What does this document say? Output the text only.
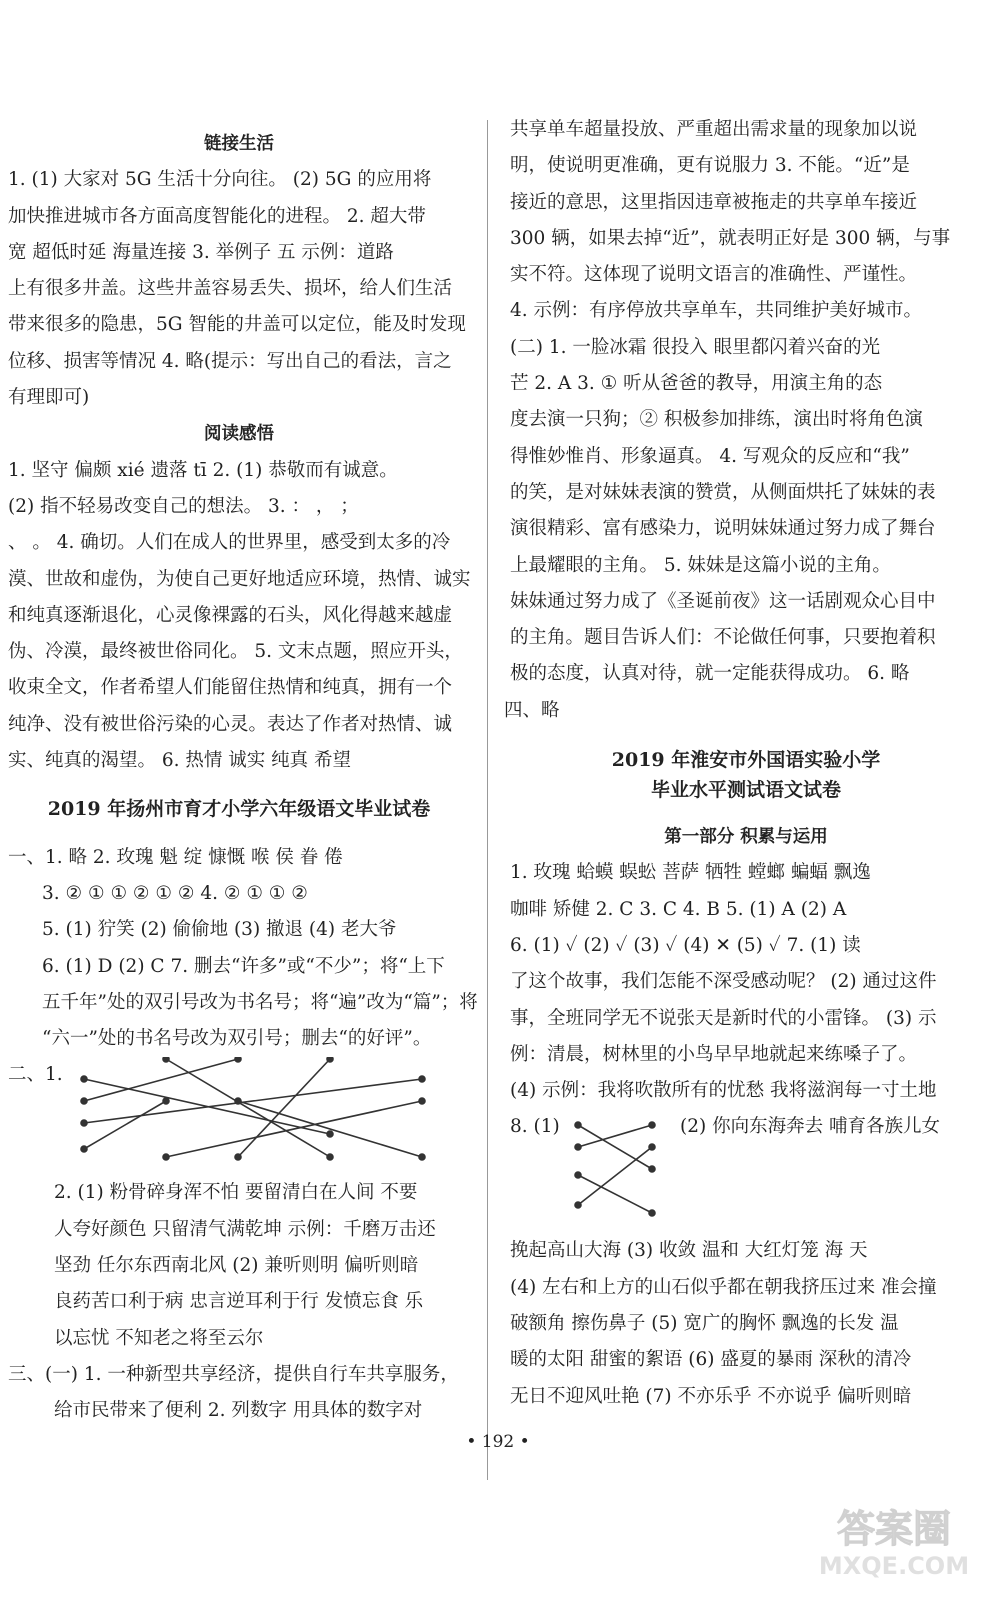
链接生活
1. (1) 大家对 5G 生活十分向往。 (2) 5G 的应用将
加快推进城市各方面高度智能化的进程。 2. 超大带
宽 超低时延 海量连接 3. 举例子 五 示例：道路
上有很多井盖。这些井盖容易丢失、损坏，给人们生活
带来很多的隐患，5G 智能的井盖可以定位，能及时发现
位移、损害等情况 4. 略(提示：写出自己的看法，言之
有理即可)
阅读感悟
1. 坚守 偏颇 xié 遗落 tī 2. (1) 恭敬而有诚意。
(2) 指不轻易改变自己的想法。 3. ： ， ；
、 。 4. 确切。人们在成人的世界里，感受到太多的冷
漠、世故和虚伪，为使自己更好地适应环境，热情、诚实
和纯真逐渐退化，心灵像裸露的石头，风化得越来越虚
伪、冷漠，最终被世俗同化。 5. 文末点题，照应开头，
收束全文，作者希望人们能留住热情和纯真，拥有一个
纯净、没有被世俗污染的心灵。表达了作者对热情、诚
实、纯真的渴望。 6. 热情 诚实 纯真 希望
2019 年扬州市育才小学六年级语文毕业试卷
一、1. 略 2. 玫瑰 魁 绽 慷慨 喉 侯 眷 倦
3. ② ① ① ② ① ② 4. ② ① ① ②
5. (1) 狞笑 (2) 偷偷地 (3) 撤退 (4) 老大爷
6. (1) D (2) C 7. 删去“许多”或“不少”；将“上下
五千年”处的双引号改为书名号；将“遍”改为“篇”；将
“六一”处的书名号改为双引号；删去“的好评”。
二、1.
2. (1) 粉骨碎身浑不怕 要留清白在人间 不要
人夸好颜色 只留清气满乾坤 示例：千磨万击还
坚劲 任尔东西南北风 (2) 兼听则明 偏听则暗
良药苦口利于病 忠言逆耳利于行 发愤忘食 乐
以忘忧 不知老之将至云尔
三、(一) 1. 一种新型共享经济，提供自行车共享服务，
给市民带来了便利 2. 列数字 用具体的数字对
共享单车超量投放、严重超出需求量的现象加以说
明，使说明更准确，更有说服力 3. 不能。“近”是
接近的意思，这里指因违章被拖走的共享单车接近
300 辆，如果去掉“近”，就表明正好是 300 辆，与事
实不符。这体现了说明文语言的准确性、严谨性。
4. 示例：有序停放共享单车，共同维护美好城市。
(二) 1. 一脸冰霜 很投入 眼里都闪着兴奋的光
芒 2. A 3. ① 听从爸爸的教导，用演主角的态
度去演一只狗；② 积极参加排练，演出时将角色演
得惟妙惟肖、形象逼真。 4. 写观众的反应和“我”
的笑，是对妹妹表演的赞赏，从侧面烘托了妹妹的表
演很精彩、富有感染力，说明妹妹通过努力成了舞台
上最耀眼的主角。 5. 妹妹是这篇小说的主角。
妹妹通过努力成了《圣诞前夜》这一话剧观众心目中
的主角。题目告诉人们：不论做任何事，只要抱着积
极的态度，认真对待，就一定能获得成功。 6. 略
四、略
2019 年淮安市外国语实验小学
毕业水平测试语文试卷
第一部分 积累与运用
1. 玫瑰 蛤蟆 蜈蚣 菩萨 牺牲 螳螂 蝙蝠 飘逸
咖啡 矫健 2. C 3. C 4. B 5. (1) A (2) A
6. (1) ✓ (2) ✓ (3) ✓ (4) ✕ (5) ✓ 7. (1) 读
了这个故事，我们怎能不深受感动呢？ (2) 通过这件
事，全班同学无不说张天是新时代的小雷锋。 (3) 示
例：清晨，树林里的小鸟早早地就起来练嗓子了。
(4) 示例：我将吹散所有的忧愁 我将滋润每一寸土地
8. (1)	(2) 你向东海奔去 哺育各族儿女
挽起高山大海 (3) 收敛 温和 大红灯笼 海 天
(4) 左右和上方的山石似乎都在朝我挤压过来 准会撞
破额角 擦伤鼻子 (5) 宽广的胸怀 飘逸的长发 温
暖的太阳 甜蜜的絮语 (6) 盛夏的暴雨 深秋的清冷
无日不迎风吐艳 (7) 不亦乐乎 不亦说乎 偏听则暗
• 192 •
答案圈
MXQE.COM
